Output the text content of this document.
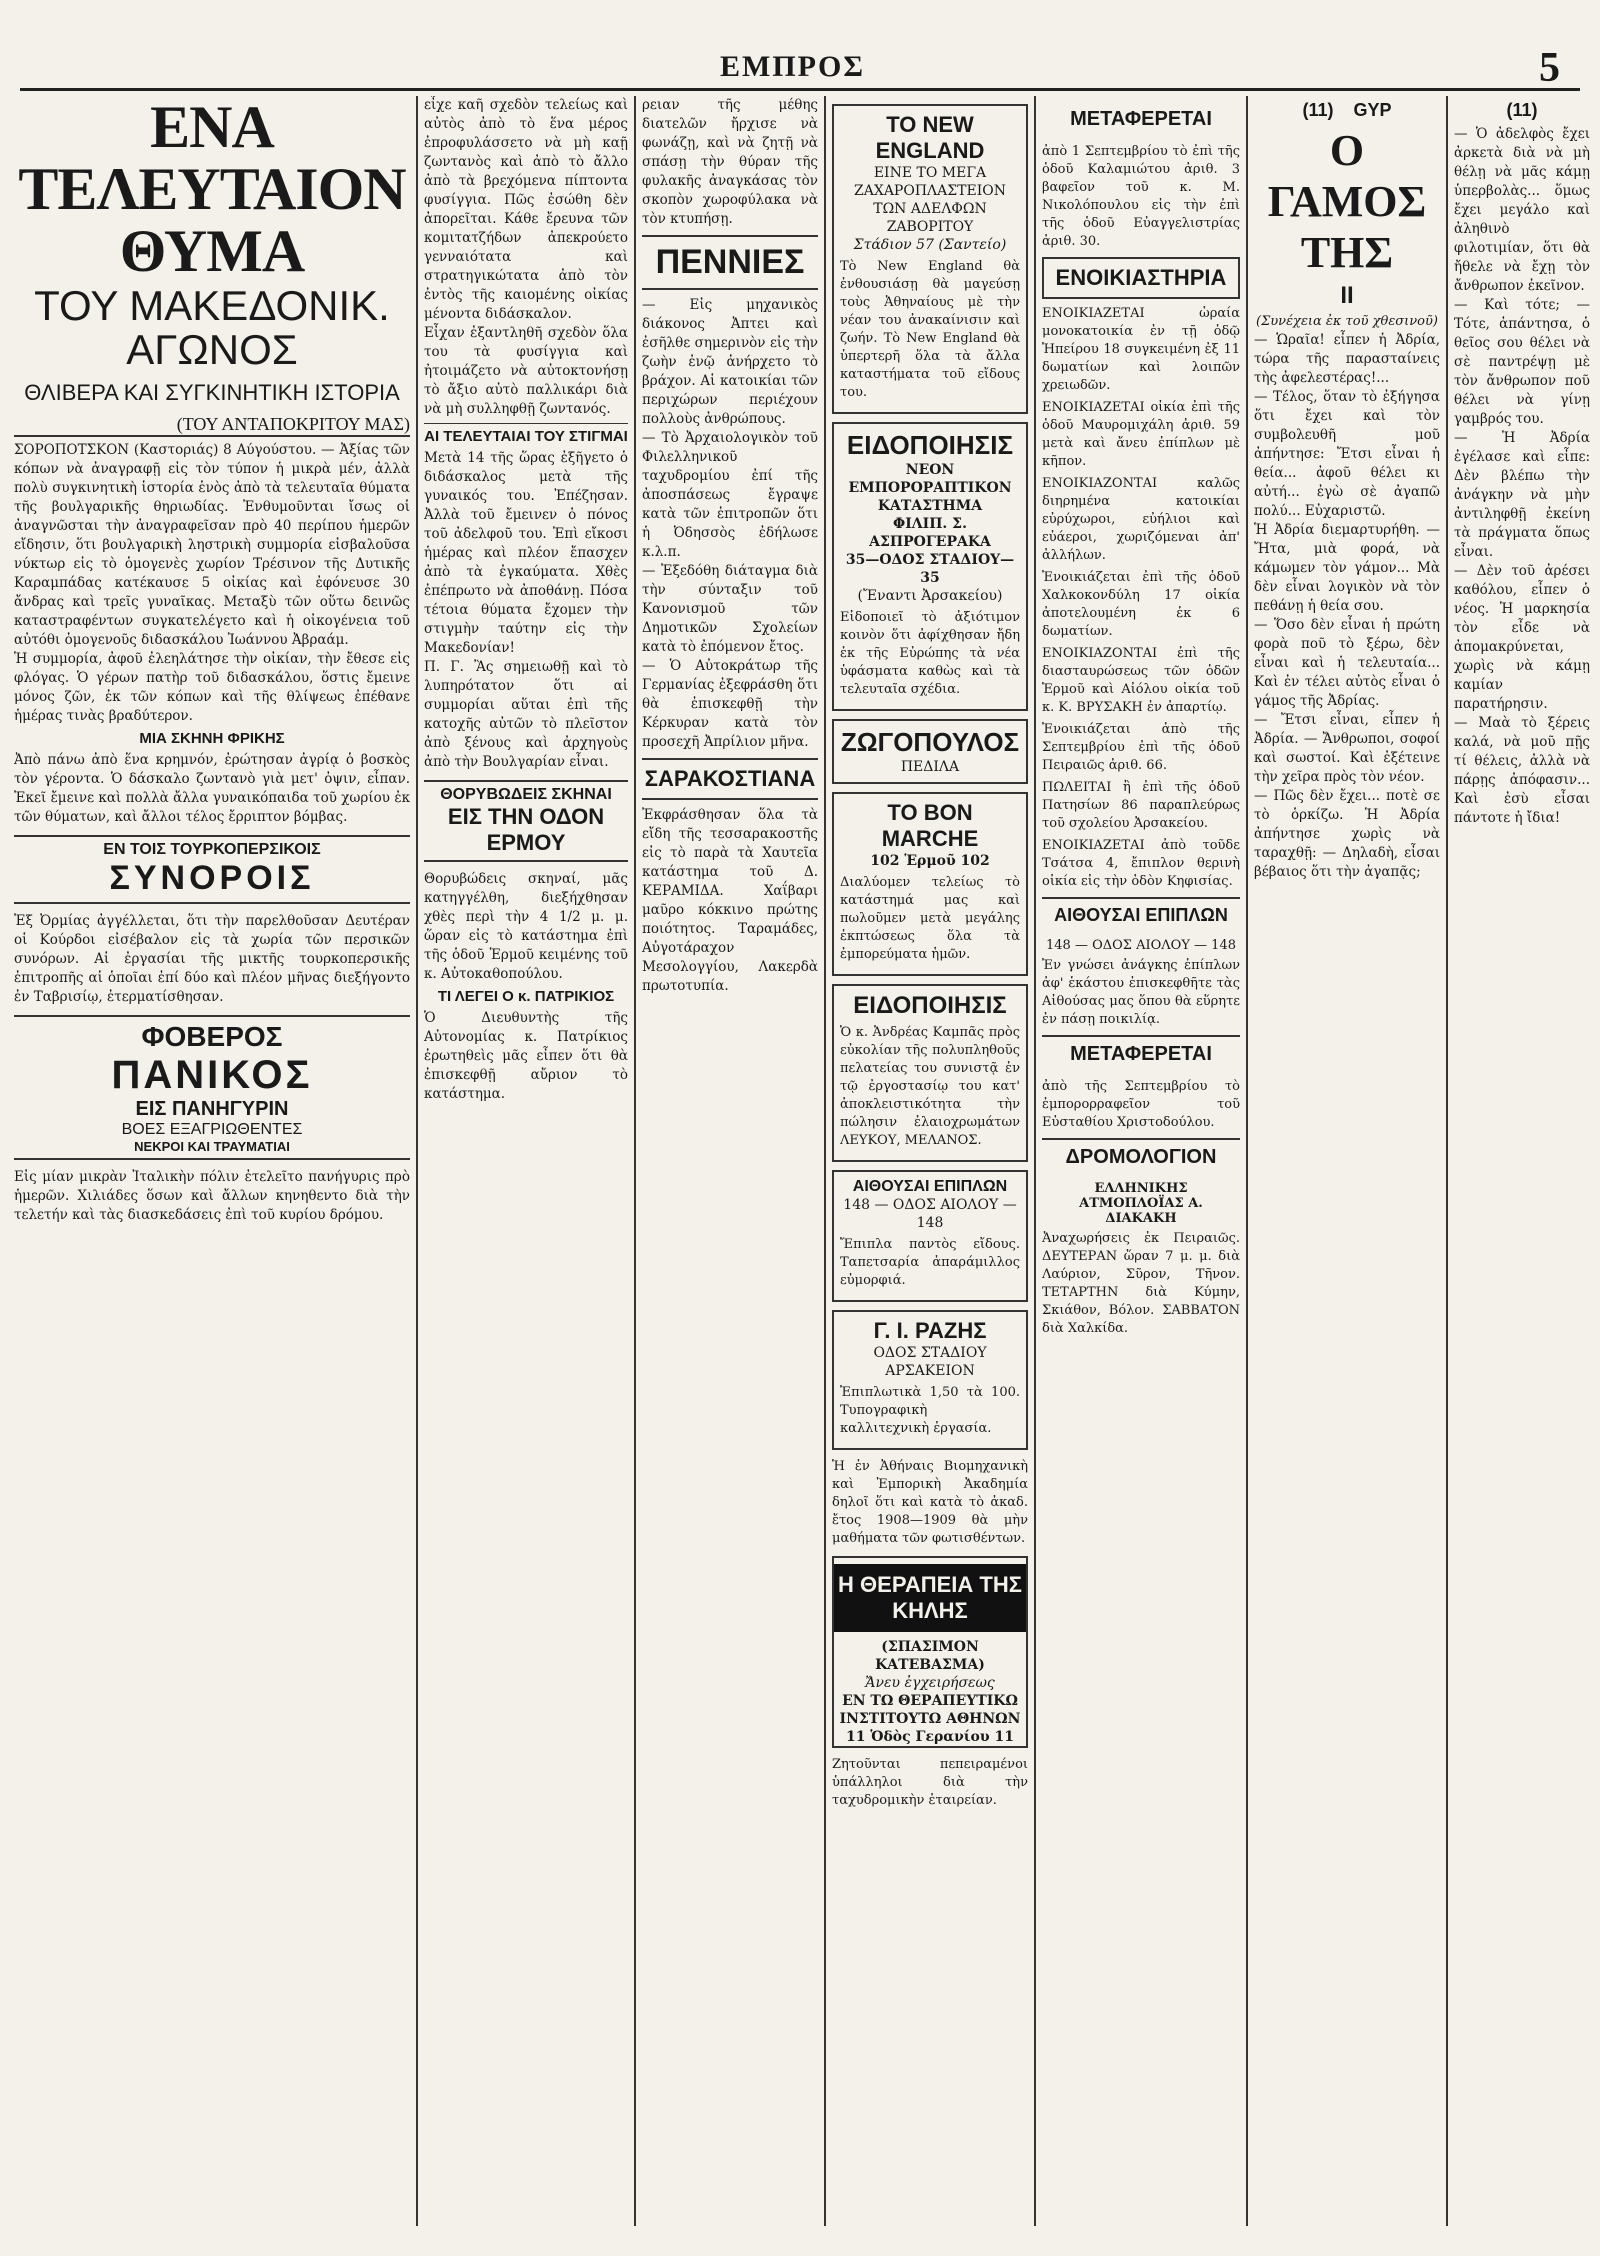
ΕΜΠΡΟΣ	5
ΕΝΑ ΤΕΛΕΥΤΑΙΟΝ ΘΥΜΑ
ΤΟΥ ΜΑΚΕΔΟΝΙΚ. ΑΓΩΝΟΣ
ΘΛΙΒΕΡΑ ΚΑΙ ΣΥΓΚΙΝΗΤΙΚΗ ΙΣΤΟΡΙΑ
(ΤΟΥ ΑΝΤΑΠΟΚΡΙΤΟΥ ΜΑΣ)

ΣΟΡΟΠΟΤΣΚΟΝ (Καστοριάς) 8 Αύγούστου. — Ἀξίας τῶν κόπων νὰ ἀναγραφῇ εἰς τὸν τύπον ἡ μικρὰ μέν, ἀλλὰ πολὺ συγκινητικὴ ἱστορία ἑνὸς ἀπὸ τὰ τελευταῖα θύματα τῆς βουλγαρικῆς θηριωδίας. Ἐνθυμοῦνται ἴσως οἱ ἀναγνῶσται τὴν ἀναγραφεῖσαν πρὸ 40 περίπου ἡμερῶν εἴδησιν, ὅτι βουλγαρικὴ ληστρικὴ συμμορία εἰσβαλοῦσα νύκτωρ εἰς τὸ ὁμογενὲς χωρίον Τρέσινον τῆς Δυτικῆς Καραμπάδας κατέκαυσε 5 οἰκίας καὶ ἐφόνευσε 30 ἄνδρας καὶ τρεῖς γυναῖκας. Μεταξὺ τῶν οὕτω δεινῶς καταστραφέντων συγκατελέγετο καὶ ἡ οἰκογένεια τοῦ αὐτόθι ὁμογενοῦς διδασκάλου Ἰωάννου Ἀβραάμ.

Ἡ συμμορία, ἀφοῦ ἐλεηλάτησε τὴν οἰκίαν, τὴν ἔθεσε εἰς φλόγας. Ὁ γέρων πατὴρ τοῦ διδασκάλου, ὅστις ἔμεινε μόνος ζῶν, ἐκ τῶν κόπων καὶ τῆς θλίψεως ἐπέθανε ἡμέρας τινὰς βραδύτερον.

ΜΙΑ ΣΚΗΝΗ ΦΡΙΚΗΣ

Ἀπὸ πάνω ἀπὸ ἕνα κρημνόν, ἐρώτησαν ἀγρίᾳ ὁ βοσκὸς τὸν γέροντα. Ὁ δάσκαλο ζωντανὸ γιὰ μετ' ὀψιν, εἶπαν. Ἐκεῖ ἔμεινε καὶ πολλὰ ἄλλα γυναικόπαιδα τοῦ χωρίου ἐκ τῶν θύματων, καὶ ἄλλοι τέλος ἔρριπτον βόμβας.

ΕΝ ΤΟΙΣ ΤΟΥΡΚΟΠΕΡΣΙΚΟΙΣ
ΣΥΝΟΡΟΙΣ

Ἐξ Ὀρμίας ἀγγέλλεται, ὅτι τὴν παρελθοῦσαν Δευτέραν οἱ Κούρδοι εἰσέβαλον εἰς τὰ χωρία τῶν περσικῶν συνόρων. Αἱ ἐργασίαι τῆς μικτῆς τουρκοπερσικῆς ἐπιτροπῆς αἱ ὁποῖαι ἐπί δύο καὶ πλέον μῆνας διεξήγοντο ἐν Ταβρισίῳ, ἐτερματίσθησαν.

ΦΟΒΕΡΟΣ
ΠΑΝΙΚΟΣ
ΕΙΣ ΠΑΝΗΓΥΡΙΝ
ΒΟΕΣ ΕΞΑΓΡΙΩΘΕΝΤΕΣ
ΝΕΚΡΟΙ ΚΑΙ ΤΡΑΥΜΑΤΙΑΙ

Εἰς μίαν μικρὰν Ἰταλικὴν πόλιν ἐτελεῖτο πανήγυρις πρὸ ἡμερῶν. Χιλιάδες ὅσων καὶ ἄλλων κηνηθεντο διὰ τὴν τελετήν καὶ τὰς διασκεδάσεις ἐπὶ τοῦ κυρίου δρόμου.

εἶχε καῆ σχεδὸν τελείως καὶ αὐτὸς ἀπὸ τὸ ἕνα μέρος ἐπροφυλάσσετο νὰ μὴ καῇ ζωντανὸς καὶ ἀπὸ τὸ ἄλλο ἀπὸ τὰ βρεχόμενα πίπτοντα φυσίγγια. Πῶς ἐσώθη δὲν ἀπορεῖται. Κάθε ἔρευνα τῶν κομιτατζήδων ἀπεκρούετο γενναιότατα καὶ στρατηγικώτατα ἀπὸ τὸν ἐντὸς τῆς καιομένης οἰκίας μένοντα διδάσκαλον.

Εἶχαν ἐξαντληθῆ σχεδὸν ὅλα του τὰ φυσίγγια καὶ ἠτοιμάζετο νὰ αὐτοκτονήσῃ τὸ ἄξιο αὐτὸ παλλικάρι διὰ νὰ μὴ συλληφθῇ ζωντανός.

ΑΙ ΤΕΛΕΥΤΑΙΑΙ ΤΟΥ ΣΤΙΓΜΑΙ

Μετὰ 14 τῆς ὥρας ἐξῆγετο ὁ διδάσκαλος μετὰ τῆς γυναικός του. Ἐπέζησαν. Ἀλλὰ τοῦ ἔμεινεν ὁ πόνος τοῦ ἀδελφοῦ του. Ἐπὶ εἴκοσι ἡμέρας καὶ πλέον ἔπασχεν ἀπὸ τὰ ἐγκαύματα. Χθὲς ἐπέπρωτο νὰ ἀποθάνῃ. Πόσα τέτοια θύματα ἔχομεν τὴν στιγμὴν ταύτην εἰς τὴν Μακεδονίαν!

Π. Γ. Ἂς σημειωθῇ καὶ τὸ λυπηρότατον ὅτι αἱ συμμορίαι αὕται ἐπὶ τῆς κατοχῆς αὐτῶν τὸ πλεῖστον ἀπὸ ξένους καὶ ἀρχηγοὺς ἀπὸ τὴν Βουλγαρίαν εἶναι.

ΘΟΡΥΒΩΔΕΙΣ ΣΚΗΝΑΙ
ΕΙΣ ΤΗΝ ΟΔΟΝ ΕΡΜΟΥ

Θορυβώδεις σκηναί, μᾶς κατηγγέλθη, διεξήχθησαν χθὲς περὶ τὴν 4 1/2 μ. μ. ὥραν εἰς τὸ κατάστημα ἐπὶ τῆς ὁδοῦ Ἑρμοῦ κειμένης τοῦ κ. Αὐτοκαθοπούλου.

ΤΙ ΛΕΓΕΙ Ο κ. ΠΑΤΡΙΚΙΟΣ

Ὁ Διευθυντὴς τῆς Αὐτονομίας κ. Πατρίκιος ἐρωτηθεὶς μᾶς εἶπεν ὅτι θὰ ἐπισκεφθῇ αὔριον τὸ κατάστημα.

ρειαν τῆς μέθης διατελῶν ἤρχισε νὰ φωνάζῃ, καὶ νὰ ζητῇ νὰ σπάσῃ τὴν θύραν τῆς φυλακῆς ἀναγκάσας τὸν σκοπὸν χωροφύλακα νὰ τὸν κτυπήσῃ.

ΠΕΝΝΙΕΣ

— Εἰς μηχανικὸς διάκονος Ἀπτει καὶ ἐσῆλθε σημερινὸν εἰς τὴν ζωὴν ἐνῷ ἀνήρχετο τὸ βράχον. Αἱ κατοικίαι τῶν περιχώρων περιέχουν πολλοὺς ἀνθρώπους.

— Τὸ Ἀρχαιολογικὸν τοῦ Φιλελληνικοῦ ταχυδρομίου ἐπί τῆς ἀποσπάσεως ἔγραψε κατὰ τῶν ἐπιτροπῶν ὅτι ἡ Ὀδησσὸς ἐδήλωσε κ.λ.π.

— Ἐξεδόθη διάταγμα διὰ τὴν σύνταξιν τοῦ Κανονισμοῦ τῶν Δημοτικῶν Σχολείων κατὰ τὸ ἐπόμενον ἔτος.

— Ὁ Αὐτοκράτωρ τῆς Γερμανίας ἐξεφράσθη ὅτι θὰ ἐπισκεφθῇ τὴν Κέρκυραν κατὰ τὸν προσεχῆ Ἀπρίλιον μῆνα.

ΣΑΡΑΚΟΣΤΙΑΝΑ

Ἐκφράσθησαν ὅλα τὰ εἴδη τῆς τεσσαρακοστῆς εἰς τὸ παρὰ τὰ Χαυτεῖα κατάστημα τοῦ Δ. ΚΕΡΑΜΙΔΑ. Χαΐβαρι μαῦρο κόκκινο πρώτης ποιότητος. Ταραμάδες, Αὐγοτάραχον Μεσολογγίου, Λακερδὰ πρωτοτυπία.

ΤΟ NEW ENGLAND
ΕΙΝΕ ΤΟ ΜΕΓΑ ΖΑΧΑΡΟΠΛΑΣΤΕΙΟΝ
ΤΩΝ ΑΔΕΛΦΩΝ ΖΑΒΟΡΙΤΟΥ
Στάδιον 57 (Σαντείο)

Τὸ New England θὰ ἐνθουσιάσῃ θὰ μαγεύσῃ τοὺς Ἀθηναίους μὲ τὴν νέαν του ἀνακαίνισιν καὶ ζωήν. Τὸ New England θὰ ὑπερτερῆ ὅλα τὰ ἄλλα καταστήματα τοῦ εἴδους του.

ΕΙΔΟΠΟΙΗΣΙΣ
ΝΕΟΝ ΕΜΠΟΡΟΡΑΠΤΙΚΟΝ ΚΑΤΑΣΤΗΜΑ
ΦΙΛΙΠ. Σ. ΑΣΠΡΟΓΕΡΑΚΑ
35—ΟΔΟΣ ΣΤΑΔΙΟΥ—35
(Ἔναντι Ἀρσακείου)

Εἰδοποιεῖ τὸ ἀξιότιμον κοινὸν ὅτι ἀφίχθησαν ἤδη ἐκ τῆς Εὐρώπης τὰ νέα ὑφάσματα καθὼς καὶ τὰ τελευταῖα σχέδια.

ΖΩΓΟΠΟΥΛΟΣ
ΠΕΔΙΛΑ
ΤΟ BON MARCHE
102 Ἑρμοῦ 102

Διαλύομεν τελείως τὸ κατάστημά μας καὶ πωλοῦμεν μετὰ μεγάλης ἐκπτώσεως ὅλα τὰ ἐμπορεύματα ἡμῶν.

ΕΙΔΟΠΟΙΗΣΙΣ

Ὁ κ. Ἀνδρέας Καμπᾶς πρὸς εὐκολίαν τῆς πολυπληθοῦς πελατείας του συνιστᾷ ἐν τῷ ἐργοστασίῳ του κατ' ἀποκλειστικότητα τὴν πώλησιν ἐλαιοχρωμάτων ΛΕΥΚΟΥ, ΜΕΛΑΝΟΣ.

ΑΙΘΟΥΣΑΙ ΕΠΙΠΛΩΝ
148 — ΟΔΟΣ ΑΙΟΛΟΥ — 148

Ἔπιπλα παντὸς εἴδους. Ταπετσαρία ἀπαράμιλλος εὐμορφιά.

Γ. Ι. ΡΑΖΗΣ
ΟΔΟΣ ΣΤΑΔΙΟΥ ΑΡΣΑΚΕΙΟΝ

Ἐπιπλωτικὰ 1,50 τὰ 100. Τυπογραφικὴ καλλιτεχνικὴ ἐργασία.

Ἡ ἐν Ἀθήναις Βιομηχανικὴ καὶ Ἐμπορικὴ Ἀκαδημία δηλοῖ ὅτι καὶ κατὰ τὸ ἀκαδ. ἔτος 1908—1909 θὰ μὴν μαθήματα τῶν φωτισθέντων.

Η ΘΕΡΑΠΕΙΑ ΤΗΣ ΚΗΛΗΣ
(ΣΠΑΣΙΜΟΝ ΚΑΤΕΒΑΣΜΑ)
Ἄνευ ἐγχειρήσεως
ΕΝ ΤΩ ΘΕΡΑΠΕΥΤΙΚΩ ΙΝΣΤΙΤΟΥΤΩ ΑΘΗΝΩΝ 11 Ὁδὸς Γερανίου 11

Ζητοῦνται πεπειραμένοι ὑπάλληλοι διὰ τὴν ταχυδρομικὴν ἐταιρείαν.

ΜΕΤΑΦΕΡΕΤΑΙ

ἀπὸ 1 Σεπτεμβρίου τὸ ἐπὶ τῆς ὁδοῦ Καλαμιώτου ἀριθ. 3 βαφεῖον τοῦ κ. Μ. Νικολόπουλου εἰς τὴν ἐπὶ τῆς ὁδοῦ Εὐαγγελιστρίας ἀριθ. 30.

ΕΝΟΙΚΙΑΣΤΗΡΙΑ

ΕΝΟΙΚΙΑΖΕΤΑΙ ὡραία μονοκατοικία ἐν τῇ ὁδῷ Ἠπείρου 18 συγκειμένη ἐξ 11 δωματίων καὶ λοιπῶν χρειωδῶν.

ΕΝΟΙΚΙΑΖΕΤΑΙ οἰκία ἐπὶ τῆς ὁδοῦ Μαυρομιχάλη ἀριθ. 59 μετὰ καὶ ἄνευ ἐπίπλων μὲ κῆπον.

ΕΝΟΙΚΙΑΖΟΝΤΑΙ καλῶς διηρημένα κατοικίαι εὐρύχωροι, εὐήλιοι καὶ εὐάεροι, χωριζόμεναι ἀπ' ἀλλήλων.

Ἐνοικιάζεται ἐπὶ τῆς ὁδοῦ Χαλκοκονδύλη 17 οἰκία ἀποτελουμένη ἐκ 6 δωματίων.

ΕΝΟΙΚΙΑΖΟΝΤΑΙ ἐπὶ τῆς διασταυρώσεως τῶν ὁδῶν Ἑρμοῦ καὶ Αἰόλου οἰκία τοῦ κ. Κ. ΒΡΥΣΑΚΗ ἐν ἀπαρτίῳ.

Ἐνοικιάζεται ἀπὸ τῆς Σεπτεμβρίου ἐπὶ τῆς ὁδοῦ Πειραιῶς ἀριθ. 66.

ΠΩΛΕΙΤΑΙ ἢ ἐπὶ τῆς ὁδοῦ Πατησίων 86 παραπλεύρως τοῦ σχολείου Ἀρσακείου.

ΕΝΟΙΚΙΑΖΕΤΑΙ ἀπὸ τοῦδε Τσάτσα 4, ἔπιπλον θερινὴ οἰκία εἰς τὴν ὁδὸν Κηφισίας.

ΑΙΘΟΥΣΑΙ ΕΠΙΠΛΩΝ
148 — ΟΔΟΣ ΑΙΟΛΟΥ — 148

Ἐν γνώσει ἀνάγκης ἐπίπλων ἀφ' ἑκάστου ἐπισκεφθῆτε τὰς Αἰθούσας μας ὅπου θὰ εὕρητε ἐν πάσῃ ποικιλίᾳ.

ΜΕΤΑΦΕΡΕΤΑΙ

ἀπὸ τῆς Σεπτεμβρίου τὸ ἐμπορορραφεῖον τοῦ Εὐσταθίου Χριστοδούλου.

ΔΡΟΜΟΛΟΓΙΟΝ
ΕΛΛΗΝΙΚΗΣ ΑΤΜΟΠΛΟΪΑΣ Α. ΔΙΑΚΑΚΗ

Ἀναχωρήσεις ἐκ Πειραιῶς. ΔΕΥΤΕΡΑΝ ὥραν 7 μ. μ. διὰ Λαύριον, Σῦρον, Τῆνον. ΤΕΤΑΡΤΗΝ διὰ Κύμην, Σκιάθον, Βόλον. ΣΑΒΒΑΤΟΝ διὰ Χαλκίδα.

(11) GYP
Ο ΓΑΜΟΣ ΤΗΣ
II
(Συνέχεια ἐκ τοῦ χθεσινοῦ)

— Ὡραῖα! εἶπεν ἡ Ἀδρία, τώρα τῆς παρασταίνεις τὴς ἀφελεστέρας!...

— Τέλος, ὅταν τὸ ἐξήγησα ὅτι ἔχει καὶ τὸν συμβολευθῆ μοῦ ἀπήντησε: Ἔτσι εἶναι ἡ θεία... ἀφοῦ θέλει κι αὐτή... ἐγὼ σὲ ἀγαπῶ πολύ... Εὐχαριστῶ.

Ἡ Ἀδρία διεμαρτυρήθη. — Ἤτα, μιὰ φορά, νὰ κάμωμεν τὸν γάμον... Μὰ δὲν εἶναι λογικὸν νὰ τὸν πεθάνῃ ἡ θεία σου.

— Ὅσο δὲν εἶναι ἡ πρώτη φορὰ ποῦ τὸ ξέρω, δὲν εἶναι καὶ ἡ τελευταία... Καὶ ἐν τέλει αὐτὸς εἶναι ὁ γάμος τῆς Ἀδρίας.

— Ἔτσι εἶναι, εἶπεν ἡ Ἀδρία. — Ἄνθρωποι, σοφοί καὶ σωστοί. Καὶ ἐξέτεινε τὴν χεῖρα πρὸς τὸν νέον.

— Πῶς δὲν ἔχει... ποτὲ σε τὸ ὁρκίζω. Ἡ Ἀδρία ἀπήντησε χωρὶς νὰ ταραχθῇ: — Δηλαδὴ, εἶσαι βέβαιος ὅτι τὴν ἀγαπᾷς;

(11)

— Ὁ ἀδελφὸς ἔχει ἀρκετὰ διὰ νὰ μὴ θέλῃ νὰ μᾶς κάμῃ ὑπερβολὰς... ὅμως ἔχει μεγάλο καὶ ἀληθινὸ φιλοτιμίαν, ὅτι θὰ ἤθελε νὰ ἔχῃ τὸν ἄνθρωπον ἐκεῖνον.

— Καὶ τότε; — Τότε, ἀπάντησα, ὁ θεῖος σου θέλει νὰ σὲ παντρέψῃ μὲ τὸν ἄνθρωπον ποῦ θέλει νὰ γίνῃ γαμβρός του.

— Ἡ Ἀδρία ἐγέλασε καὶ εἶπε: Δὲν βλέπω τὴν ἀνάγκην νὰ μὴν ἀντιληφθῇ ἐκείνη τὰ πράγματα ὅπως εἶναι.

— Δὲν τοῦ ἀρέσει καθόλου, εἶπεν ὁ νέος. Ἡ μαρκησία τὸν εἶδε νὰ ἀπομακρύνεται, χωρὶς νὰ κάμῃ καμίαν παρατήρησιν.

— Μαὰ τὸ ξέρεις καλά, νὰ μοῦ πῇς τί θέλεις, ἀλλὰ νὰ πάρῃς ἀπόφασιν... Καὶ ἐσὺ εἶσαι πάντοτε ἡ ἴδια!
